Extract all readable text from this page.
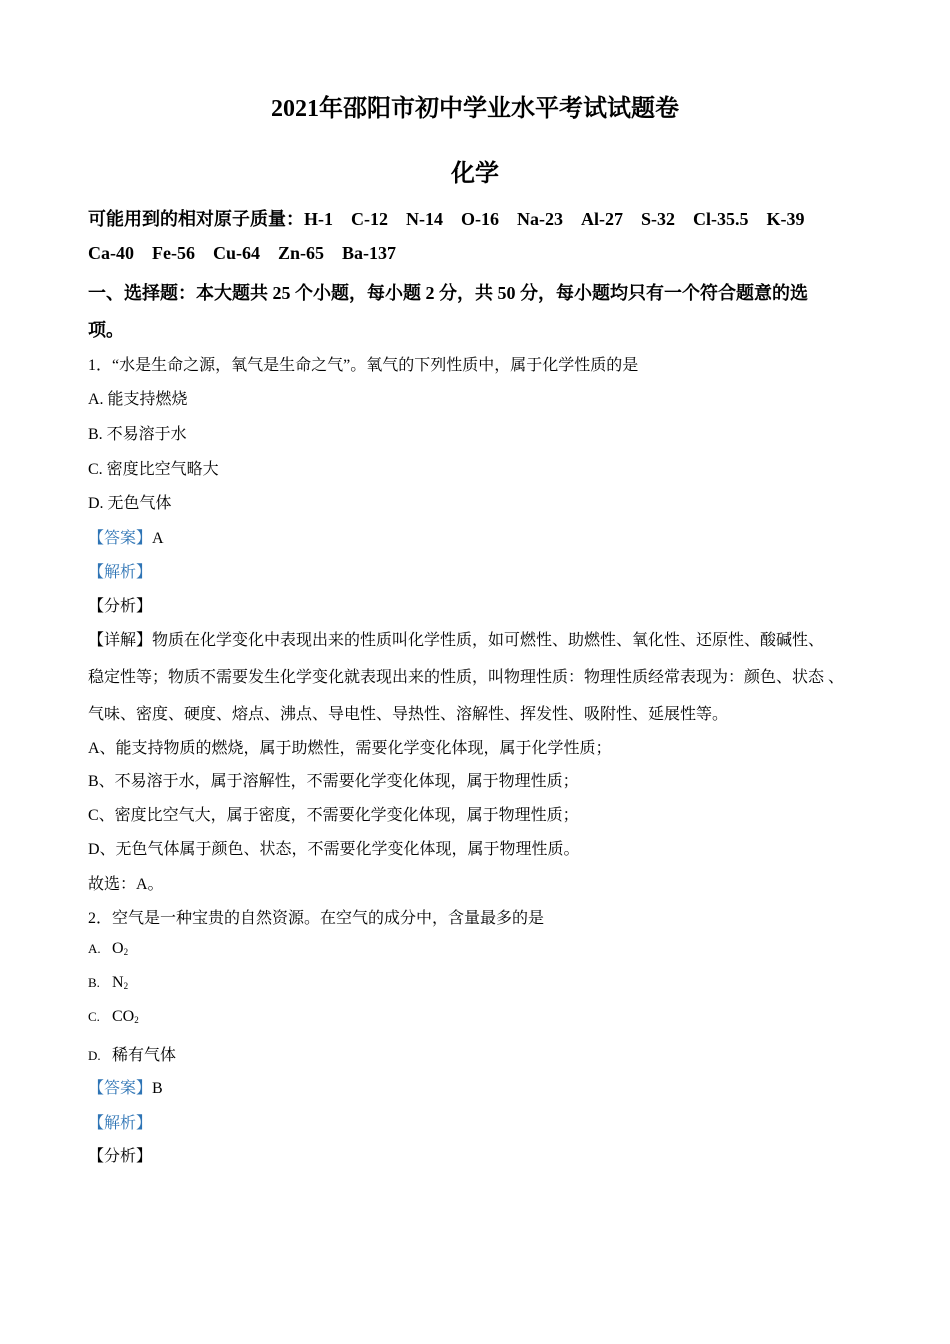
2021年邵阳市初中学业水平考试试题卷
化学
可能用到的相对原子质量：H-1 C-12 N-14 O-16 Na-23 Al-27 S-32 Cl-35.5 K-39
Ca-40 Fe-56 Cu-64 Zn-65 Ba-137
一、选择题：本大题共 25 个小题，每小题 2 分，共 50 分，每小题均只有一个符合题意的选
项。
1．“水是生命之源，氧气是生命之气”。氧气的下列性质中，属于化学性质的是
A. 能支持燃烧
B. 不易溶于水
C. 密度比空气略大
D. 无色气体
【答案】A
【解析】
【分析】
【详解】物质在化学变化中表现出来的性质叫化学性质，如可燃性、助燃性、氧化性、还原性、酸碱性、
稳定性等；物质不需要发生化学变化就表现出来的性质，叫物理性质：物理性质经常表现为：颜色、状态 、
气味、密度、硬度、熔点、沸点、导电性、导热性、溶解性、挥发性、吸附性、延展性等。
A、能支持物质的燃烧，属于助燃性，需要化学变化体现，属于化学性质；
B、不易溶于水，属于溶解性，不需要化学变化体现，属于物理性质；
C、密度比空气大，属于密度，不需要化学变化体现，属于物理性质；
D、无色气体属于颜色、状态，不需要化学变化体现，属于物理性质。
故选：A。
2．空气是一种宝贵的自然资源。在空气的成分中，含量最多的是
A. $O_2$
B. $N_2$
C. $CO_2$
D. 稀有气体
【答案】B
【解析】
【分析】
